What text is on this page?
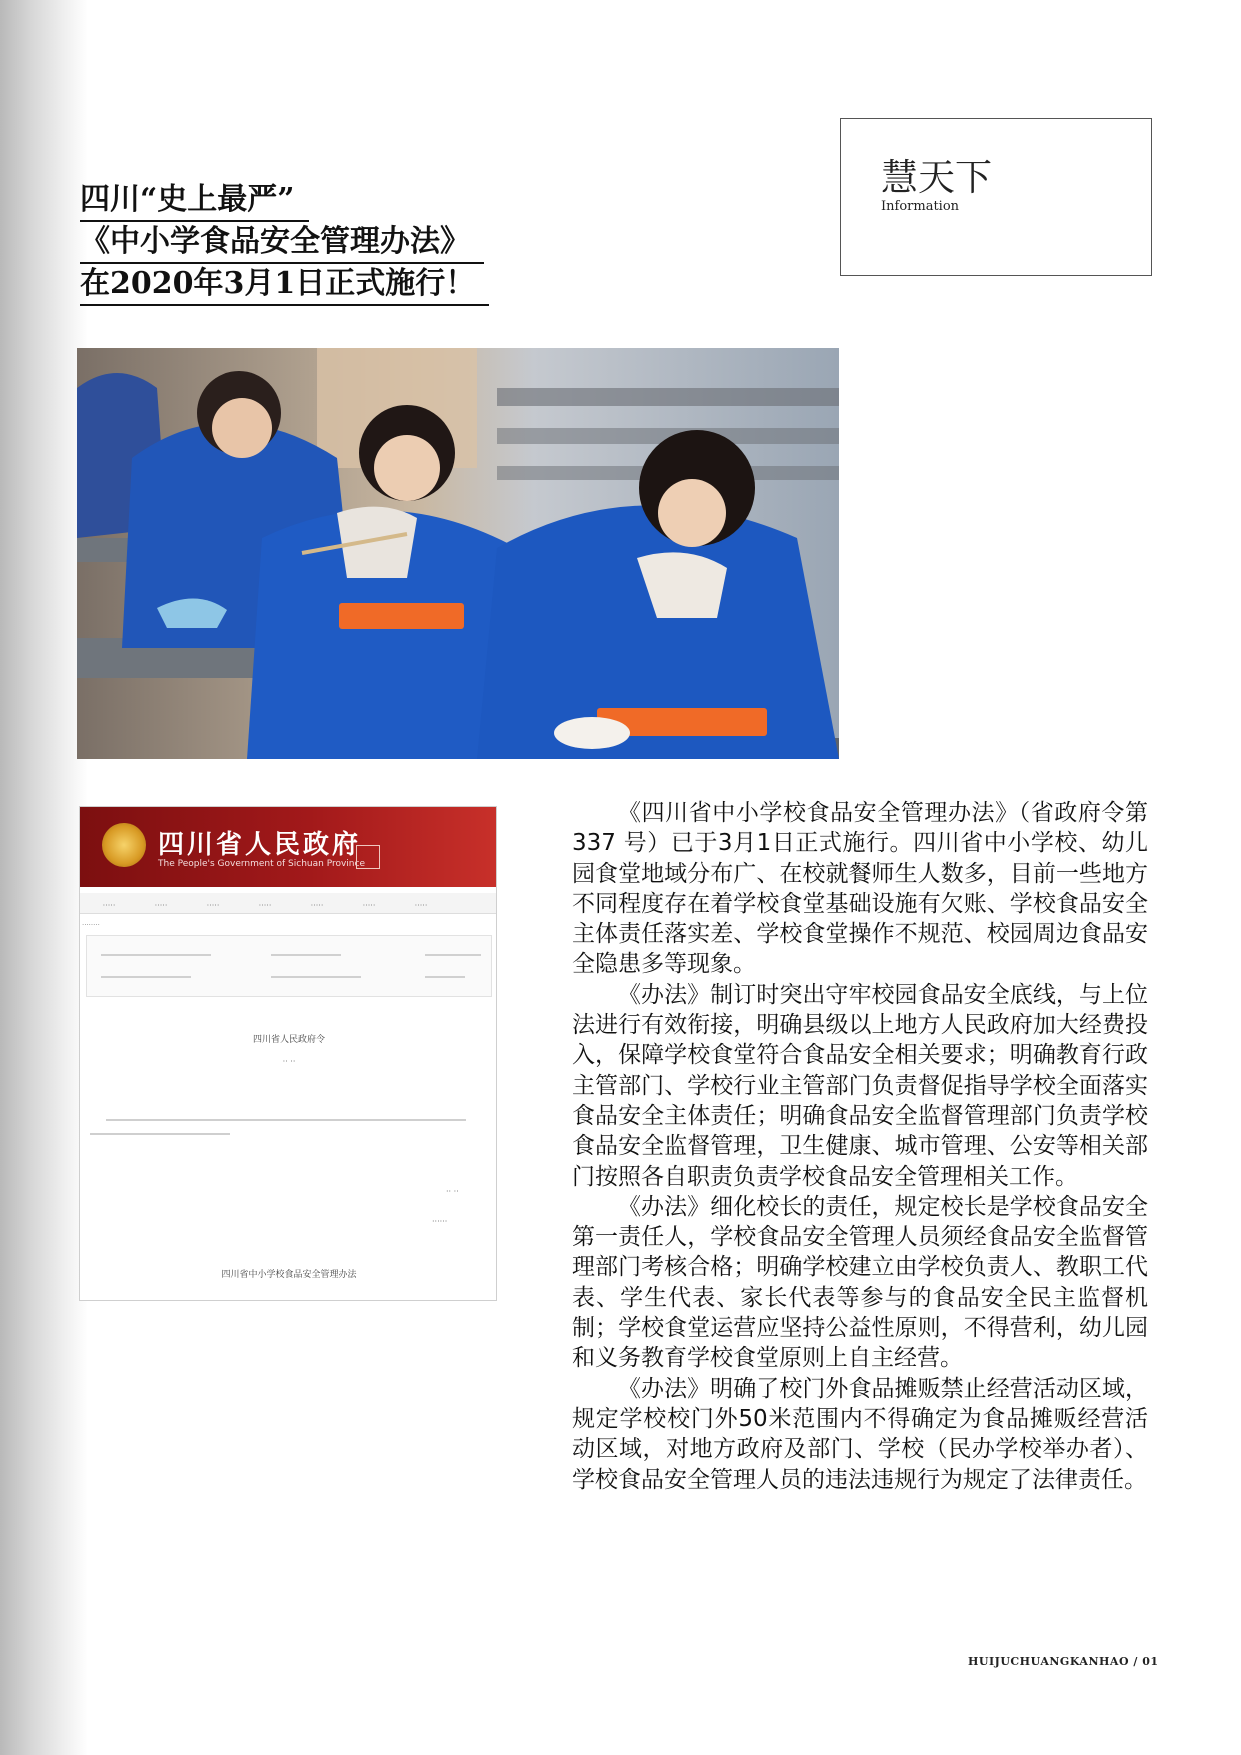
四川“史上最严”
《中小学食品安全管理办法》
在2020年3月1日正式施行！
慧天下
Information
四川省人民政府
The People's Government of Sichuan Province
·····	·····	·····	·····	·····	·····	·····
········
四川省人民政府令
·· ··
·· ··
······
四川省中小学校食品安全管理办法

《四川省中小学校食品安全管理办法》（省政府令第 337 号）已于3月1日正式施行。四川省中小学校、幼儿园食堂地域分布广、在校就餐师生人数多，目前一些地方不同程度存在着学校食堂基础设施有欠账、学校食品安全主体责任落实差、学校食堂操作不规范、校园周边食品安全隐患多等现象。

《办法》制订时突出守牢校园食品安全底线，与上位法进行有效衔接，明确县级以上地方人民政府加大经费投入，保障学校食堂符合食品安全相关要求；明确教育行政主管部门、学校行业主管部门负责督促指导学校全面落实食品安全主体责任；明确食品安全监督管理部门负责学校食品安全监督管理，卫生健康、城市管理、公安等相关部门按照各自职责负责学校食品安全管理相关工作。

《办法》细化校长的责任，规定校长是学校食品安全第一责任人，学校食品安全管理人员须经食品安全监督管理部门考核合格；明确学校建立由学校负责人、教职工代表、学生代表、家长代表等参与的食品安全民主监督机制；学校食堂运营应坚持公益性原则，不得营利，幼儿园和义务教育学校食堂原则上自主经营。

《办法》明确了校门外食品摊贩禁止经营活动区域，规定学校校门外50米范围内不得确定为食品摊贩经营活动区域，对地方政府及部门、学校（民办学校举办者）、学校食品安全管理人员的违法违规行为规定了法律责任。

HUIJUCHUANGKANHAO / 01
